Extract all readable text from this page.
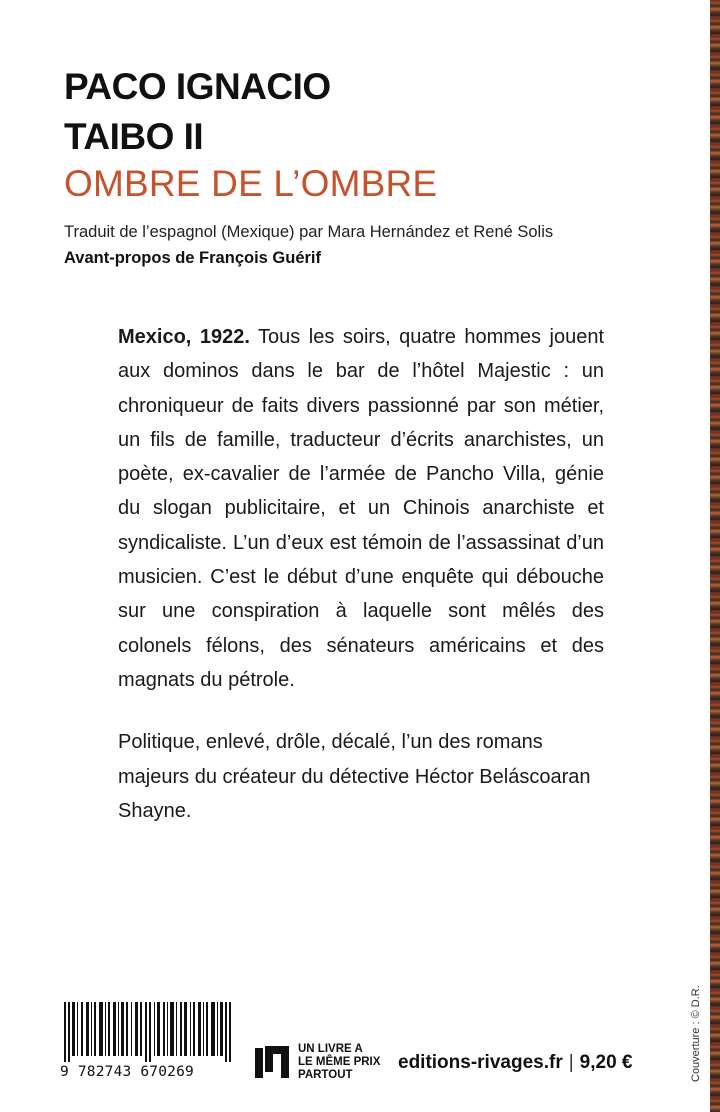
PACO IGNACIO
TAIBO II
OMBRE DE L’OMBRE
Traduit de l’espagnol (Mexique) par Mara Hernández et René Solis
Avant-propos de François Guérif

Mexico, 1922. Tous les soirs, quatre hommes jouent aux dominos dans le bar de l’hôtel Majestic : un chroniqueur de faits divers passionné par son métier, un fils de famille, traducteur d’écrits anarchistes, un poète, ex-cavalier de l’armée de Pancho Villa, génie du slogan publicitaire, et un Chinois anarchiste et syndicaliste. L’un d’eux est témoin de l’assassinat d’un musicien. C’est le début d’une enquête qui débouche sur une conspiration à laquelle sont mêlés des colonels félons, des sénateurs américains et des magnats du pétrole.

Politique, enlevé, drôle, décalé, l’un des romans majeurs du créateur du détective Héctor Beláscoaran Shayne.

9 782743 670269
UN LIVRE A
LE MÊME PRIX
PARTOUT
editions-rivages.fr | 9,20 €	Couverture : © D.R.
